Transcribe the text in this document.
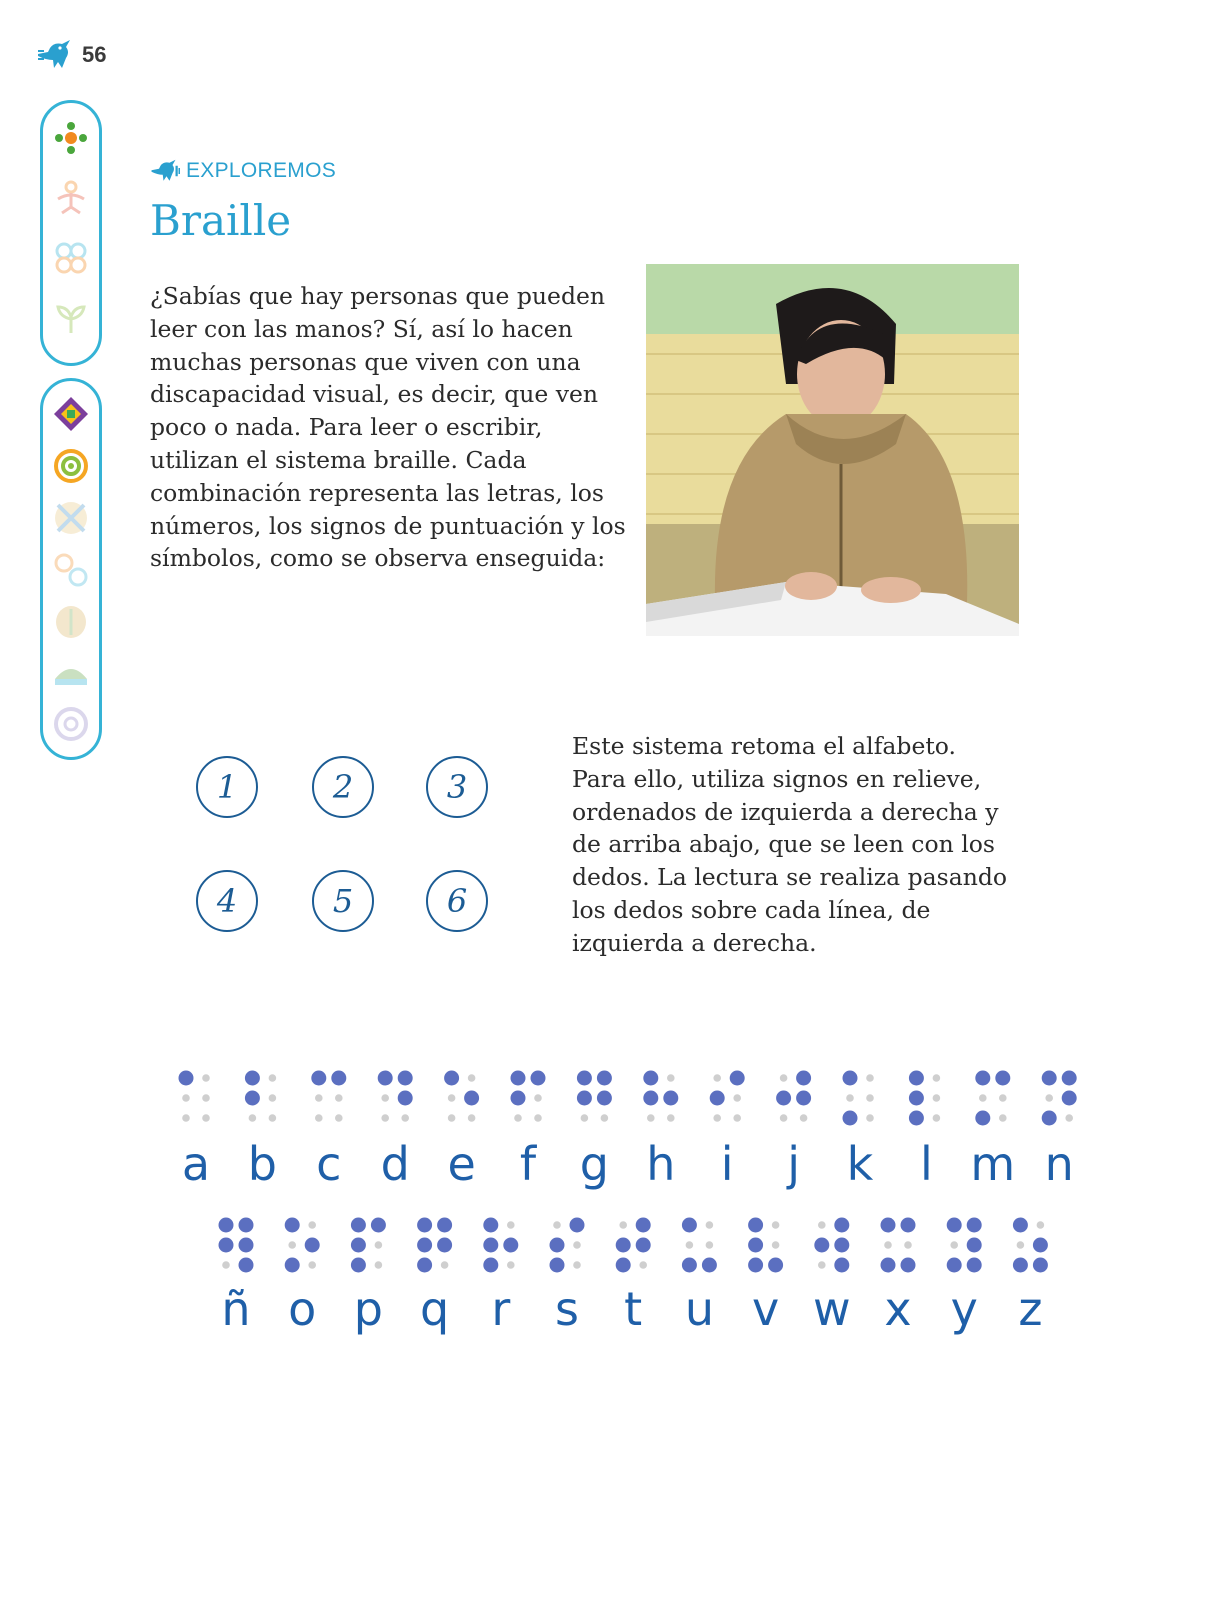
56
EXPLOREMOS
Braille

¿Sabías que hay personas que pueden leer con las manos? Sí, así lo hacen muchas personas que viven con una discapacidad visual, es decir, que ven poco o nada. Para leer o escribir, utilizan el sistema braille. Cada combinación representa las letras, los números, los signos de puntuación y los símbolos, como se observa enseguida:

1	2	3
4	5	6

Este sistema retoma el alfabeto. Para ello, utiliza signos en relieve, ordenados de izquierda a derecha y de arriba abajo, que se leen con los dedos. La lectura se realiza pasando los dedos sobre cada línea, de izquierda a derecha.

a b c d e f g h i j k l m n
ñ o p q r s t u v w x y z
